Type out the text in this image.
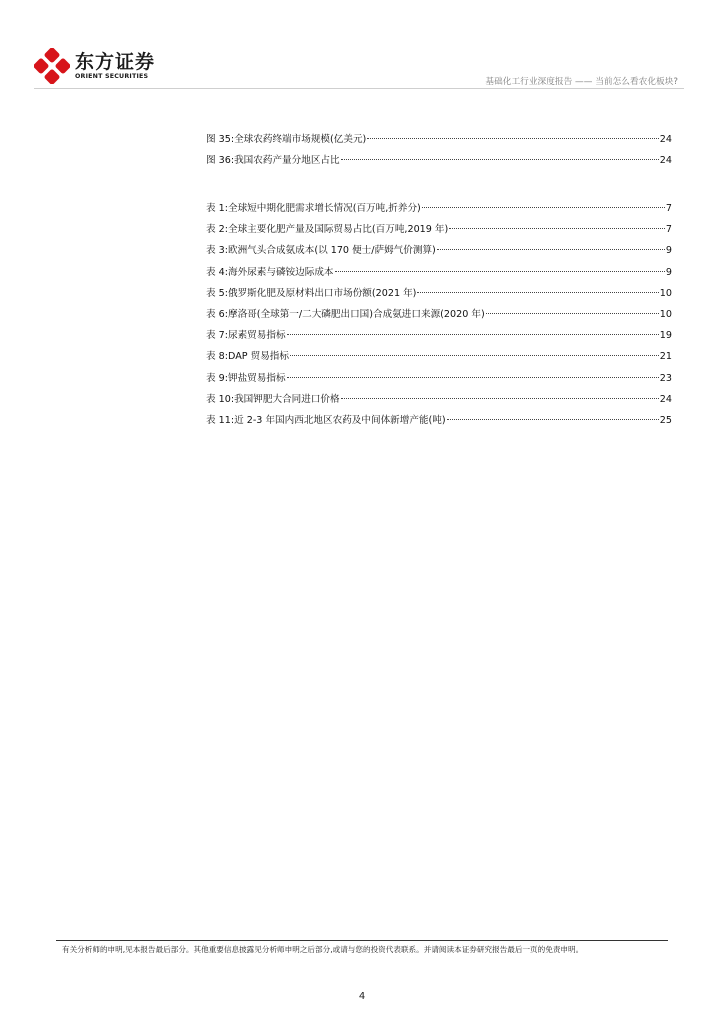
东方证券
ORIENT SECURITIES
基础化工行业深度报告 —— 当前怎么看农化板块?
图 35:全球农药终端市场规模(亿美元)	24
图 36:我国农药产量分地区占比	24
表 1:全球短中期化肥需求增长情况(百万吨,折养分)	7
表 2:全球主要化肥产量及国际贸易占比(百万吨,2019 年)	7
表 3:欧洲气头合成氨成本(以 170 便士/萨姆气价测算)	9
表 4:海外尿素与磷铵边际成本	9
表 5:俄罗斯化肥及原材料出口市场份额(2021 年)	10
表 6:摩洛哥(全球第一/二大磷肥出口国)合成氨进口来源(2020 年)	10
表 7:尿素贸易指标	19
表 8:DAP 贸易指标	21
表 9:钾盐贸易指标	23
表 10:我国钾肥大合同进口价格	24
表 11:近 2-3 年国内西北地区农药及中间体新增产能(吨)	25
有关分析师的申明,见本报告最后部分。其他重要信息披露见分析师申明之后部分,或请与您的投资代表联系。并请阅读本证券研究报告最后一页的免责申明。
4
